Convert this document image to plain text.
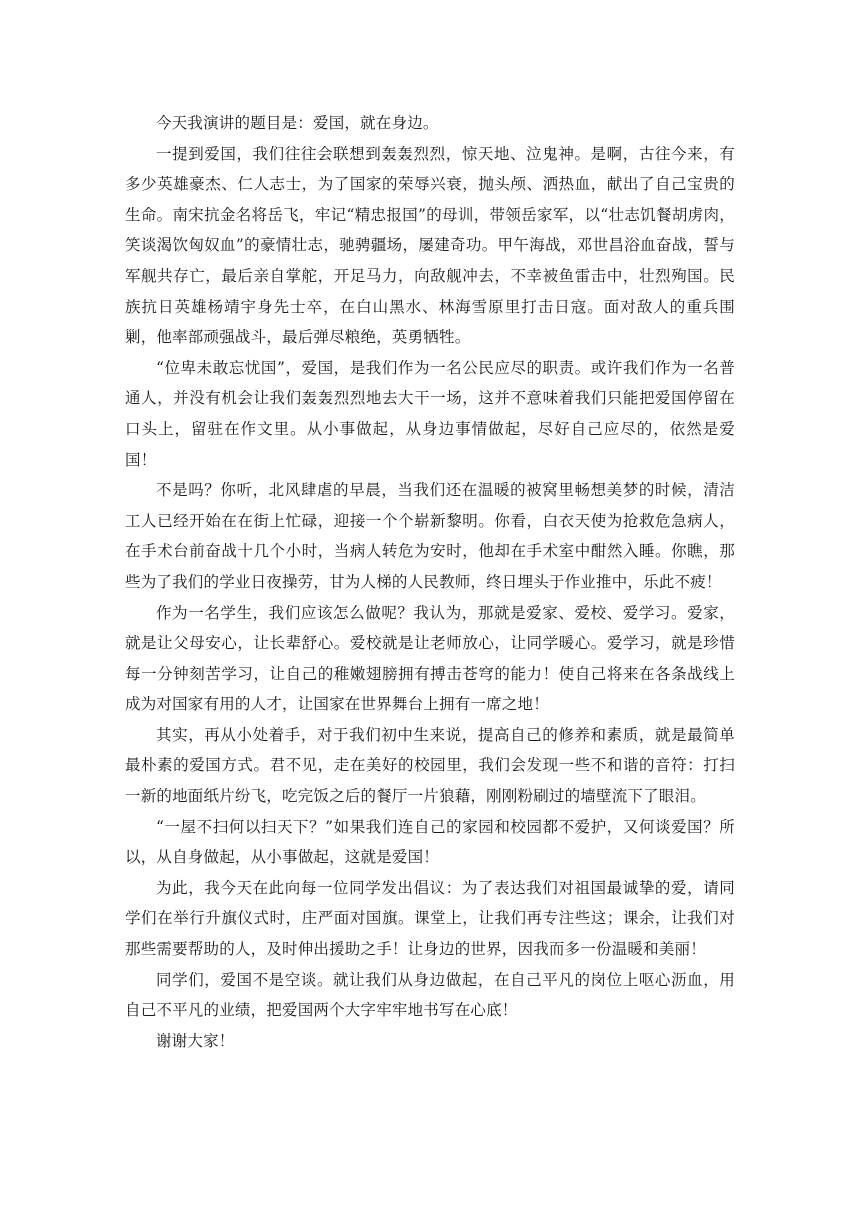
今天我演讲的题目是：爱国，就在身边。

一提到爱国，我们往往会联想到轰轰烈烈，惊天地、泣鬼神。是啊，古往今来，有多少英雄豪杰、仁人志士，为了国家的荣辱兴衰，抛头颅、洒热血，献出了自己宝贵的生命。南宋抗金名将岳飞，牢记“精忠报国”的母训，带领岳家军，以“壮志饥餐胡虏肉，笑谈渴饮匈奴血”的豪情壮志，驰骋疆场，屡建奇功。甲午海战，邓世昌浴血奋战，誓与军舰共存亡，最后亲自掌舵，开足马力，向敌舰冲去，不幸被鱼雷击中，壮烈殉国。民族抗日英雄杨靖宇身先士卒，在白山黑水、林海雪原里打击日寇。面对敌人的重兵围剿，他率部顽强战斗，最后弹尽粮绝，英勇牺牲。

“位卑未敢忘忧国”，爱国，是我们作为一名公民应尽的职责。或许我们作为一名普通人，并没有机会让我们轰轰烈烈地去大干一场，这并不意味着我们只能把爱国停留在口头上，留驻在作文里。从小事做起，从身边事情做起，尽好自己应尽的，依然是爱国！

不是吗？你听，北风肆虐的早晨，当我们还在温暖的被窝里畅想美梦的时候，清洁工人已经开始在在街上忙碌，迎接一个个崭新黎明。你看，白衣天使为抢救危急病人，在手术台前奋战十几个小时，当病人转危为安时，他却在手术室中酣然入睡。你瞧，那些为了我们的学业日夜操劳，甘为人梯的人民教师，终日埋头于作业推中，乐此不疲！

作为一名学生，我们应该怎么做呢？我认为，那就是爱家、爱校、爱学习。爱家，就是让父母安心，让长辈舒心。爱校就是让老师放心，让同学暖心。爱学习，就是珍惜每一分钟刻苦学习，让自己的稚嫩翅膀拥有搏击苍穹的能力！使自己将来在各条战线上成为对国家有用的人才，让国家在世界舞台上拥有一席之地！

其实，再从小处着手，对于我们初中生来说，提高自己的修养和素质，就是最简单最朴素的爱国方式。君不见，走在美好的校园里，我们会发现一些不和谐的音符：打扫一新的地面纸片纷飞，吃完饭之后的餐厅一片狼藉，刚刚粉刷过的墙壁流下了眼泪。

“一屋不扫何以扫天下？”如果我们连自己的家园和校园都不爱护，又何谈爱国？所以，从自身做起，从小事做起，这就是爱国！

为此，我今天在此向每一位同学发出倡议：为了表达我们对祖国最诚挚的爱，请同学们在举行升旗仪式时，庄严面对国旗。课堂上，让我们再专注些这；课余，让我们对那些需要帮助的人，及时伸出援助之手！让身边的世界，因我而多一份温暖和美丽！

同学们，爱国不是空谈。就让我们从身边做起，在自己平凡的岗位上呕心沥血，用自己不平凡的业绩，把爱国两个大字牢牢地书写在心底！

谢谢大家！
